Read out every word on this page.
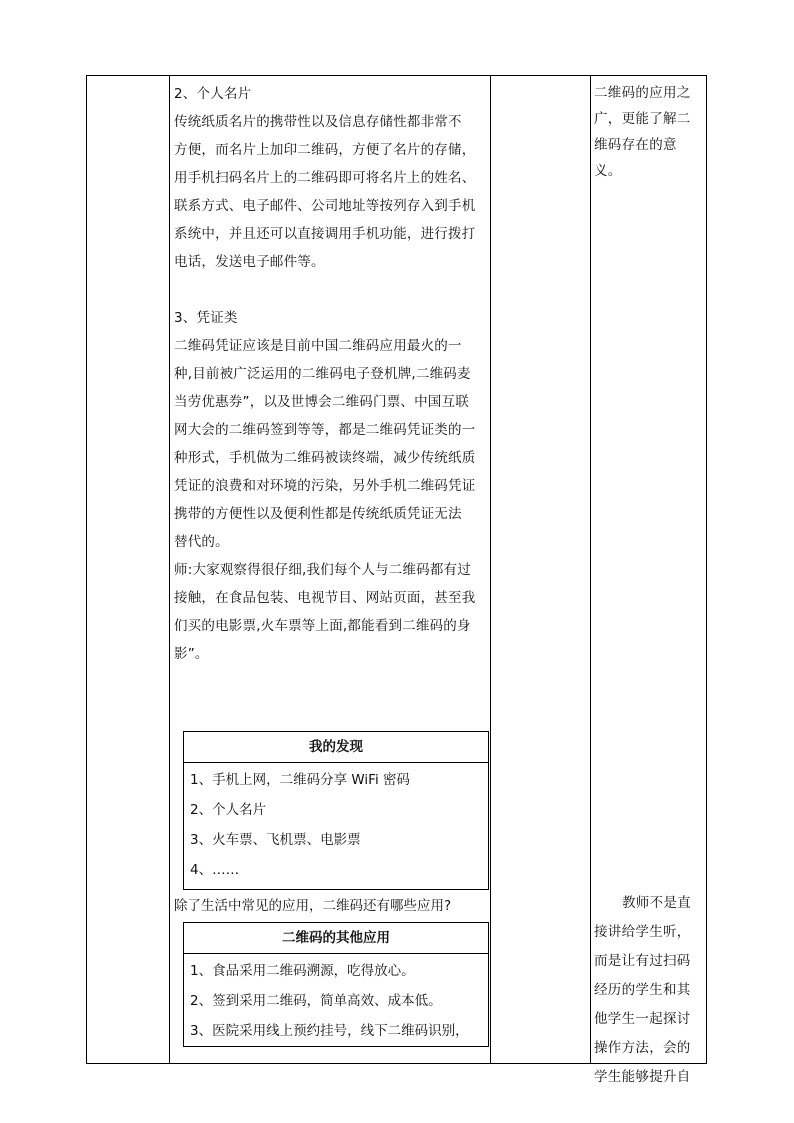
2、个人名片

传统纸质名片的携带性以及信息存储性都非常不

方便，而名片上加印二维码，方便了名片的存储，

用手机扫码名片上的二维码即可将名片上的姓名、

联系方式、电子邮件、公司地址等按列存入到手机

系统中，并且还可以直接调用手机功能，进行拨打

电话，发送电子邮件等。

3、凭证类

二维码凭证应该是目前中国二维码应用最火的一

种,目前被广泛运用的二维码电子登机牌,二维码麦

当劳优惠券”，以及世博会二维码门票、中国互联

网大会的二维码签到等等，都是二维码凭证类的一

种形式，手机做为二维码被读终端，减少传统纸质

凭证的浪费和对环境的污染，另外手机二维码凭证

携带的方便性以及便利性都是传统纸质凭证无法

替代的。

师:大家观察得很仔细,我们每个人与二维码都有过

接触，在食品包装、电视节目、网站页面，甚至我

们买的电影票,火车票等上面,都能看到二维码的身

影”。

我的发现
1、手机上网，二维码分享 WiFi 密码
2、个人名片
3、火车票、飞机票、电影票
4、……
除了生活中常见的应用，二维码还有哪些应用?
二维码的其他应用
1、食品采用二维码溯源，吃得放心。
2、签到采用二维码，简单高效、成本低。
3、医院采用线上预约挂号，线下二维码识别，
二维码的应用之
广，更能了解二
维码存在的意义。
教师不是直
接讲给学生听，
而是让有过扫码
经历的学生和其
他学生一起探讨
操作方法，会的
学生能够提升自
